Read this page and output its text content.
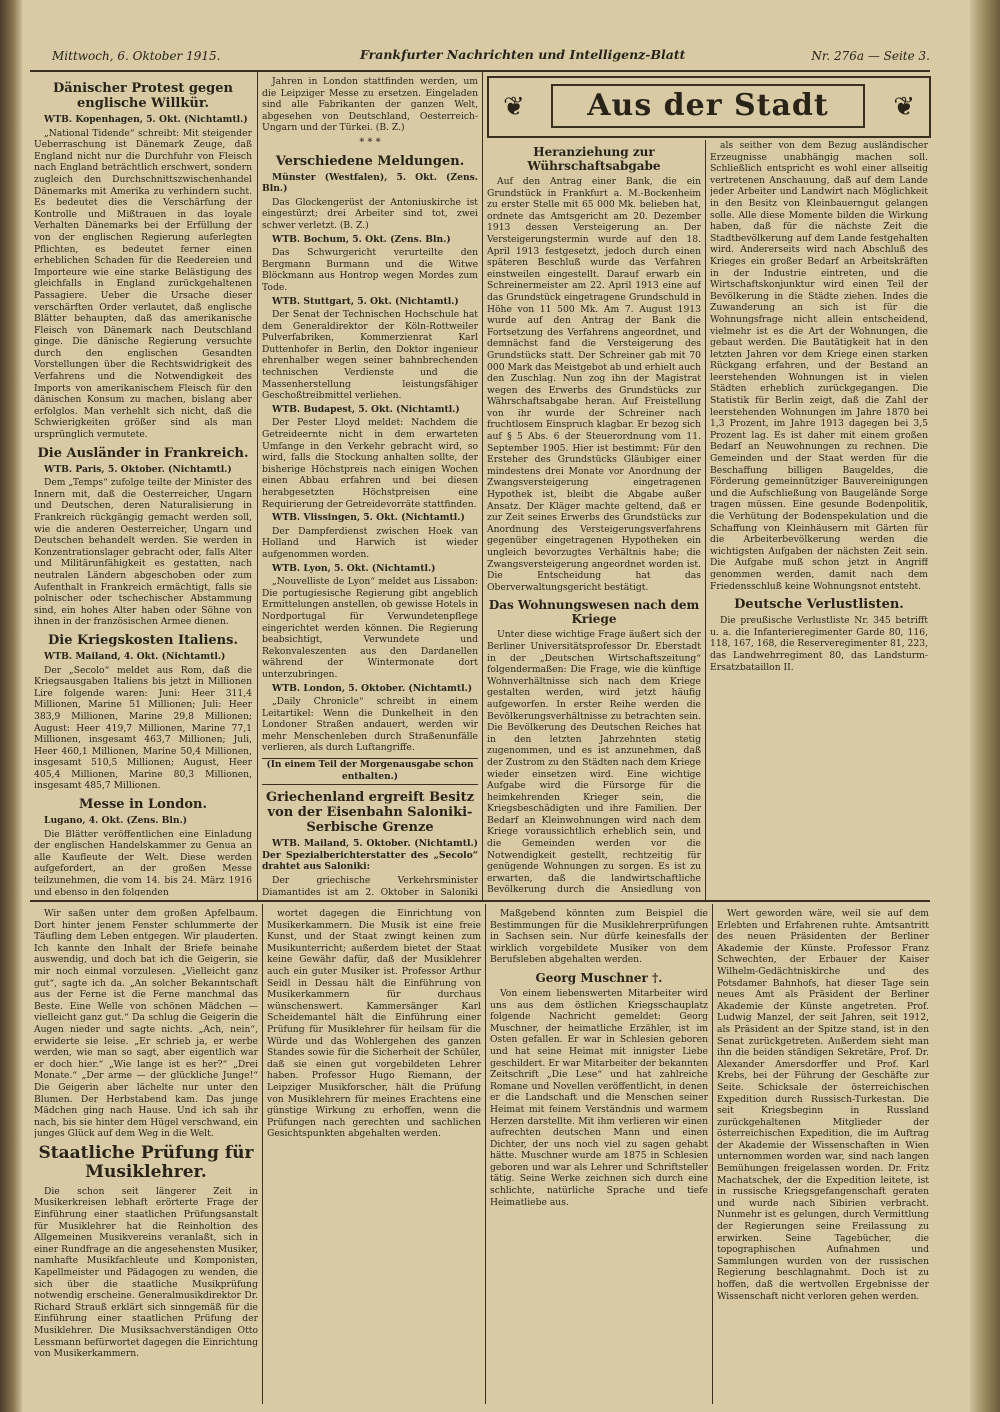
Mittwoch, 6. Oktober 1915.	Frankfurter Nachrichten und Intelligenz-Blatt	Nr. 276a — Seite 3.
Dänischer Protest gegen englische Willkür.
WTB. Kopenhagen, 5. Okt. (Nichtamtl.)
„National Tidende“ schreibt: Mit steigender Ueberraschung ist Dänemark Zeuge, daß England nicht nur die Durchfuhr von Fleisch nach England beträchtlich erschwert, sondern zugleich den Durchschnittszwischenhandel Dänemarks mit Amerika zu verhindern sucht. Es bedeutet dies die Verschärfung der Kontrolle und Mißtrauen in das loyale Verhalten Dänemarks bei der Erfüllung der von der englischen Regierung auferlegten Pflichten, es bedeutet ferner einen erheblichen Schaden für die Reedereien und Importeure wie eine starke Belästigung des gleichfalls in England zurückgehaltenen Passagiere. Ueber die Ursache dieser verschärften Order verlautet, daß englische Blätter behaupten, daß das amerikanische Fleisch von Dänemark nach Deutschland ginge. Die dänische Regierung versuchte durch den englischen Gesandten Vorstellungen über die Rechtswidrigkeit des Verfahrens und die Notwendigkeit des Imports von amerikanischem Fleisch für den dänischen Konsum zu machen, bislang aber erfolglos. Man verhehlt sich nicht, daß die Schwierigkeiten größer sind als man ursprünglich vermutete.
Die Ausländer in Frankreich.
WTB. Paris, 5. Oktober. (Nichtamtl.)
Dem „Temps“ zufolge teilte der Minister des Innern mit, daß die Oesterreicher, Ungarn und Deutschen, deren Naturalisierung in Frankreich rückgängig gemacht werden soll, wie die anderen Oesterreicher, Ungarn und Deutschen behandelt werden. Sie werden in Konzentrationslager gebracht oder, falls Alter und Militärunfähigkeit es gestatten, nach neutralen Ländern abgeschoben oder zum Aufenthalt in Frankreich ermächtigt, falls sie polnischer oder tschechischer Abstammung sind, ein hohes Alter haben oder Söhne von ihnen in der französischen Armee dienen.
Die Kriegskosten Italiens.
WTB. Mailand, 4. Okt. (Nichtamtl.)
Der „Secolo“ meldet aus Rom, daß die Kriegsausgaben Italiens bis jetzt in Millionen Lire folgende waren: Juni: Heer 311,4 Millionen, Marine 51 Millionen; Juli: Heer 383,9 Millionen, Marine 29,8 Millionen; August: Heer 419,7 Millionen, Marine 77,1 Millionen, insgesamt 463,7 Millionen; Juli, Heer 460,1 Millionen, Marine 50,4 Millionen, insgesamt 510,5 Millionen; August, Heer 405,4 Millionen, Marine 80,3 Millionen, insgesamt 485,7 Millionen.
Messe in London.
Lugano, 4. Okt. (Zens. Bln.)
Die Blätter veröffentlichen eine Einladung der englischen Handelskammer zu Genua an alle Kaufleute der Welt. Diese werden aufgefordert, an der großen Messe teilzunehmen, die vom 14. bis 24. März 1916 und ebenso in den folgenden
Jahren in London stattfinden werden, um die Leipziger Messe zu ersetzen. Eingeladen sind alle Fabrikanten der ganzen Welt, abgesehen von Deutschland, Oesterreich-Ungarn und der Türkei. (B. Z.)
* * *
Verschiedene Meldungen.
Münster (Westfalen), 5. Okt. (Zens. Bln.)
Das Glockengerüst der Antoniuskirche ist eingestürzt; drei Arbeiter sind tot, zwei schwer verletzt. (B. Z.)
WTB. Bochum, 5. Okt. (Zens. Bln.)
Das Schwurgericht verurteilte den Bergmann Burmann und die Witwe Blöckmann aus Hontrop wegen Mordes zum Tode.
WTB. Stuttgart, 5. Okt. (Nichtamtl.)
Der Senat der Technischen Hochschule hat dem Generaldirektor der Köln-Rottweiler Pulverfabriken, Kommerzienrat Karl Duttenhofer in Berlin, den Doktor ingenieur ehrenhalber wegen seiner bahnbrechenden technischen Verdienste und die Massenherstellung leistungsfähiger Geschoßtreibmittel verliehen.
WTB. Budapest, 5. Okt. (Nichtamtl.)
Der Pester Lloyd meldet: Nachdem die Getreideernte nicht in dem erwarteten Umfange in den Verkehr gebracht wird, so wird, falls die Stockung anhalten sollte, der bisherige Höchstpreis nach einigen Wochen einen Abbau erfahren und bei diesen herabgesetzten Höchstpreisen eine Requirierung der Getreidevorräte stattfinden.
WTB. Vlissingen, 5. Okt. (Nichtamtl.)
Der Dampferdienst zwischen Hoek van Holland und Harwich ist wieder aufgenommen worden.
WTB. Lyon, 5. Okt. (Nichtamtl.)
„Nouvelliste de Lyon“ meldet aus Lissabon: Die portugiesische Regierung gibt angeblich Ermittelungen anstellen, ob gewisse Hotels in Nordportugal für Verwundetenpflege eingerichtet werden können. Die Regierung beabsichtigt, Verwundete und Rekonvaleszenten aus den Dardanellen während der Wintermonate dort unterzubringen.
WTB. London, 5. Oktober. (Nichtamtl.)
„Daily Chronicle“ schreibt in einem Leitartikel: Wenn die Dunkelheit in den Londoner Straßen andauert, werden wir mehr Menschenleben durch Straßenunfälle verlieren, als durch Luftangriffe.
(In einem Teil der Morgenausgabe schon enthalten.)
Griechenland ergreift Besitz von der Eisenbahn Saloniki-Serbische Grenze
WTB. Mailand, 5. Oktober. (Nichtamtl.) Der Spezialberichterstatter des „Secolo“ drahtet aus Saloniki:
Der griechische Verkehrsminister Diamantides ist am 2. Oktober in Saloniki
❦	Aus der Stadt	❦
Heranziehung zur Wührschaftsabgabe
Auf den Antrag einer Bank, die ein Grundstück in Frankfurt a. M.-Bockenheim zu erster Stelle mit 65 000 Mk. belieben hat, ordnete das Amtsgericht am 20. Dezember 1913 dessen Versteigerung an. Der Versteigerungstermin wurde auf den 18. April 1913 festgesetzt, jedoch durch einen späteren Beschluß wurde das Verfahren einstweilen eingestellt. Darauf erwarb ein Schreinermeister am 22. April 1913 eine auf das Grundstück eingetragene Grundschuld in Höhe von 11 500 Mk. Am 7. August 1913 wurde auf den Antrag der Bank die Fortsetzung des Verfahrens angeordnet, und demnächst fand die Versteigerung des Grundstücks statt. Der Schreiner gab mit 70 000 Mark das Meistgebot ab und erhielt auch den Zuschlag. Nun zog ihn der Magistrat wegen des Erwerbs des Grundstücks zur Währschaftsabgabe heran. Auf Freistellung von ihr wurde der Schreiner nach fruchtlosem Einspruch klagbar. Er bezog sich auf § 5 Abs. 6 der Steuerordnung vom 11. September 1905. Hier ist bestimmt: Für den Ersteher des Grundstücks Gläubiger einer mindestens drei Monate vor Anordnung der Zwangsversteigerung eingetragenen Hypothek ist, bleibt die Abgabe außer Ansatz. Der Kläger machte geltend, daß er zur Zeit seines Erwerbs des Grundstücks zur Anordnung des Versteigerungsverfahrens gegenüber eingetragenen Hypotheken ein ungleich bevorzugtes Verhältnis habe; die Zwangsversteigerung angeordnet worden ist. Die Entscheidung hat das Oberverwaltungsgericht bestätigt.
Das Wohnungswesen nach dem Kriege
Unter diese wichtige Frage äußert sich der Berliner Universitätsprofessor Dr. Eberstadt in der „Deutschen Wirtschaftszeitung“ folgendermaßen: Die Frage, wie die künftige Wohnverhältnisse sich nach dem Kriege gestalten werden, wird jetzt häufig aufgeworfen. In erster Reihe werden die Bevölkerungsverhältnisse zu betrachten sein. Die Bevölkerung des Deutschen Reiches hat in den letzten Jahrzehnten stetig zugenommen, und es ist anzunehmen, daß der Zustrom zu den Städten nach dem Kriege wieder einsetzen wird. Eine wichtige Aufgabe wird die Fürsorge für die heimkehrenden Krieger sein, die Kriegsbeschädigten und ihre Familien. Der Bedarf an Kleinwohnungen wird nach dem Kriege voraussichtlich erheblich sein, und die Gemeinden werden vor die Notwendigkeit gestellt, rechtzeitig für genügende Wohnungen zu sorgen. Es ist zu erwarten, daß die landwirtschaftliche Bevölkerung durch die Ansiedlung von
als seither von dem Bezug ausländischer Erzeugnisse unabhängig machen soll. Schließlich entspricht es wohl einer allseitig vertretenen Anschauung, daß auf dem Lande jeder Arbeiter und Landwirt nach Möglichkeit in den Besitz von Kleinbauerngut gelangen solle. Alle diese Momente bilden die Wirkung haben, daß für die nächste Zeit die Stadtbevölkerung auf dem Lande festgehalten wird. Andererseits wird nach Abschluß des Krieges ein großer Bedarf an Arbeitskräften in der Industrie eintreten, und die Wirtschaftskonjunktur wird einen Teil der Bevölkerung in die Städte ziehen. Indes die Zuwanderung an sich ist für die Wohnungsfrage nicht allein entscheidend, vielmehr ist es die Art der Wohnungen, die gebaut werden. Die Bautätigkeit hat in den letzten Jahren vor dem Kriege einen starken Rückgang erfahren, und der Bestand an leerstehenden Wohnungen ist in vielen Städten erheblich zurückgegangen. Die Statistik für Berlin zeigt, daß die Zahl der leerstehenden Wohnungen im Jahre 1870 bei 1,3 Prozent, im Jahre 1913 dagegen bei 3,5 Prozent lag. Es ist daher mit einem großen Bedarf an Neuwohnungen zu rechnen. Die Gemeinden und der Staat werden für die Beschaffung billigen Baugeldes, die Förderung gemeinnütziger Bauvereinigungen und die Aufschließung von Baugelände Sorge tragen müssen. Eine gesunde Bodenpolitik, die Verhütung der Bodenspekulation und die Schaffung von Kleinhäusern mit Gärten für die Arbeiterbevölkerung werden die wichtigsten Aufgaben der nächsten Zeit sein. Die Aufgabe muß schon jetzt in Angriff genommen werden, damit nach dem Friedensschluß keine Wohnungsnot entsteht.
Deutsche Verlustlisten.
Die preußische Verlustliste Nr. 345 betrifft u. a. die Infanterieregimenter Garde 80, 116, 118, 167, 168, die Reserveregimenter 81, 223, das Landwehrregiment 80, das Landsturm-Ersatzbataillon II.
Wir saßen unter dem großen Apfelbaum. Dort hinter jenem Fenster schlummerte der Täufling dem Leben entgegen. Wir plauderten. Ich kannte den Inhalt der Briefe beinahe auswendig, und doch bat ich die Geigerin, sie mir noch einmal vorzulesen. „Vielleicht ganz gut“, sagte ich da. „An solcher Bekanntschaft aus der Ferne ist die Ferne manchmal das Beste. Eine Welle von schönen Mädchen — vielleicht ganz gut.“ Da schlug die Geigerin die Augen nieder und sagte nichts. „Ach, nein“, erwiderte sie leise. „Er schrieb ja, er werbe werden, wie man so sagt, aber eigentlich war er doch hier.“ „Wie lange ist es her?“ „Drei Monate.“ „Der arme — der glückliche Junge!“ Die Geigerin aber lächelte nur unter den Blumen. Der Herbstabend kam. Das junge Mädchen ging nach Hause. Und ich sah ihr nach, bis sie hinter dem Hügel verschwand, ein junges Glück auf dem Weg in die Welt.
Staatliche Prüfung für Musiklehrer.
Die schon seit längerer Zeit in Musikerkreisen lebhaft erörterte Frage der Einführung einer staatlichen Prüfungsanstalt für Musiklehrer hat die Reinholtion des Allgemeinen Musikvereins veranlaßt, sich in einer Rundfrage an die angesehensten Musiker, namhafte Musikfachleute und Komponisten, Kapellmeister und Pädagogen zu wenden, die sich über die staatliche Musikprüfung notwendig erscheine. Generalmusikdirektor Dr. Richard Strauß erklärt sich sinngemäß für die Einführung einer staatlichen Prüfung der Musiklehrer. Die Musiksachverständigen Otto Lessmann befürwortet dagegen die Einrichtung von Musikerkammern.
wortet dagegen die Einrichtung von Musikerkammern. Die Musik ist eine freie Kunst, und der Staat zwingt keinen zum Musikunterricht; außerdem bietet der Staat keine Gewähr dafür, daß der Musiklehrer auch ein guter Musiker ist. Professor Arthur Seidl in Dessau hält die Einführung von Musikerkammern für durchaus wünschenswert. Kammersänger Karl Scheidemantel hält die Einführung einer Prüfung für Musiklehrer für heilsam für die Würde und das Wohlergehen des ganzen Standes sowie für die Sicherheit der Schüler, daß sie einen gut vorgebildeten Lehrer haben. Professor Hugo Riemann, der Leipziger Musikforscher, hält die Prüfung von Musiklehrern für meines Erachtens eine günstige Wirkung zu erhoffen, wenn die Prüfungen nach gerechten und sachlichen Gesichtspunkten abgehalten werden.
Maßgebend könnten zum Beispiel die Bestimmungen für die Musiklehrerprüfungen in Sachsen sein. Nur dürfe keinesfalls der wirklich vorgebildete Musiker von dem Berufsleben abgehalten werden.
Georg Muschner †.
Von einem liebenswerten Mitarbeiter wird uns aus dem östlichen Kriegsschauplatz folgende Nachricht gemeldet: Georg Muschner, der heimatliche Erzähler, ist im Osten gefallen. Er war in Schlesien geboren und hat seine Heimat mit innigster Liebe geschildert. Er war Mitarbeiter der bekannten Zeitschrift „Die Lese“ und hat zahlreiche Romane und Novellen veröffentlicht, in denen er die Landschaft und die Menschen seiner Heimat mit feinem Verständnis und warmem Herzen darstellte. Mit ihm verlieren wir einen aufrechten deutschen Mann und einen Dichter, der uns noch viel zu sagen gehabt hätte. Muschner wurde am 1875 in Schlesien geboren und war als Lehrer und Schriftsteller tätig. Seine Werke zeichnen sich durch eine schlichte, natürliche Sprache und tiefe Heimatliebe aus.
Wert geworden wäre, weil sie auf dem Erlebten und Erfahrenen ruhte. Amtsantritt des neuen Präsidenten der Berliner Akademie der Künste. Professor Franz Schwechten, der Erbauer der Kaiser Wilhelm-Gedächtniskirche und des Potsdamer Bahnhofs, hat dieser Tage sein neues Amt als Präsident der Berliner Akademie der Künste angetreten. Prof. Ludwig Manzel, der seit Jahren, seit 1912, als Präsident an der Spitze stand, ist in den Senat zurückgetreten. Außerdem sieht man ihn die beiden ständigen Sekretäre, Prof. Dr. Alexander Amersdorffer und Prof. Karl Krebs, bei der Führung der Geschäfte zur Seite. Schicksale der österreichischen Expedition durch Russisch-Turkestan. Die seit Kriegsbeginn in Russland zurückgehaltenen Mitglieder der österreichischen Expedition, die im Auftrag der Akademie der Wissenschaften in Wien unternommen worden war, sind nach langen Bemühungen freigelassen worden. Dr. Fritz Machatschek, der die Expedition leitete, ist in russische Kriegsgefangenschaft geraten und wurde nach Sibirien verbracht. Nunmehr ist es gelungen, durch Vermittlung der Regierungen seine Freilassung zu erwirken. Seine Tagebücher, die topographischen Aufnahmen und Sammlungen wurden von der russischen Regierung beschlagnahmt. Doch ist zu hoffen, daß die wertvollen Ergebnisse der Wissenschaft nicht verloren gehen werden.
